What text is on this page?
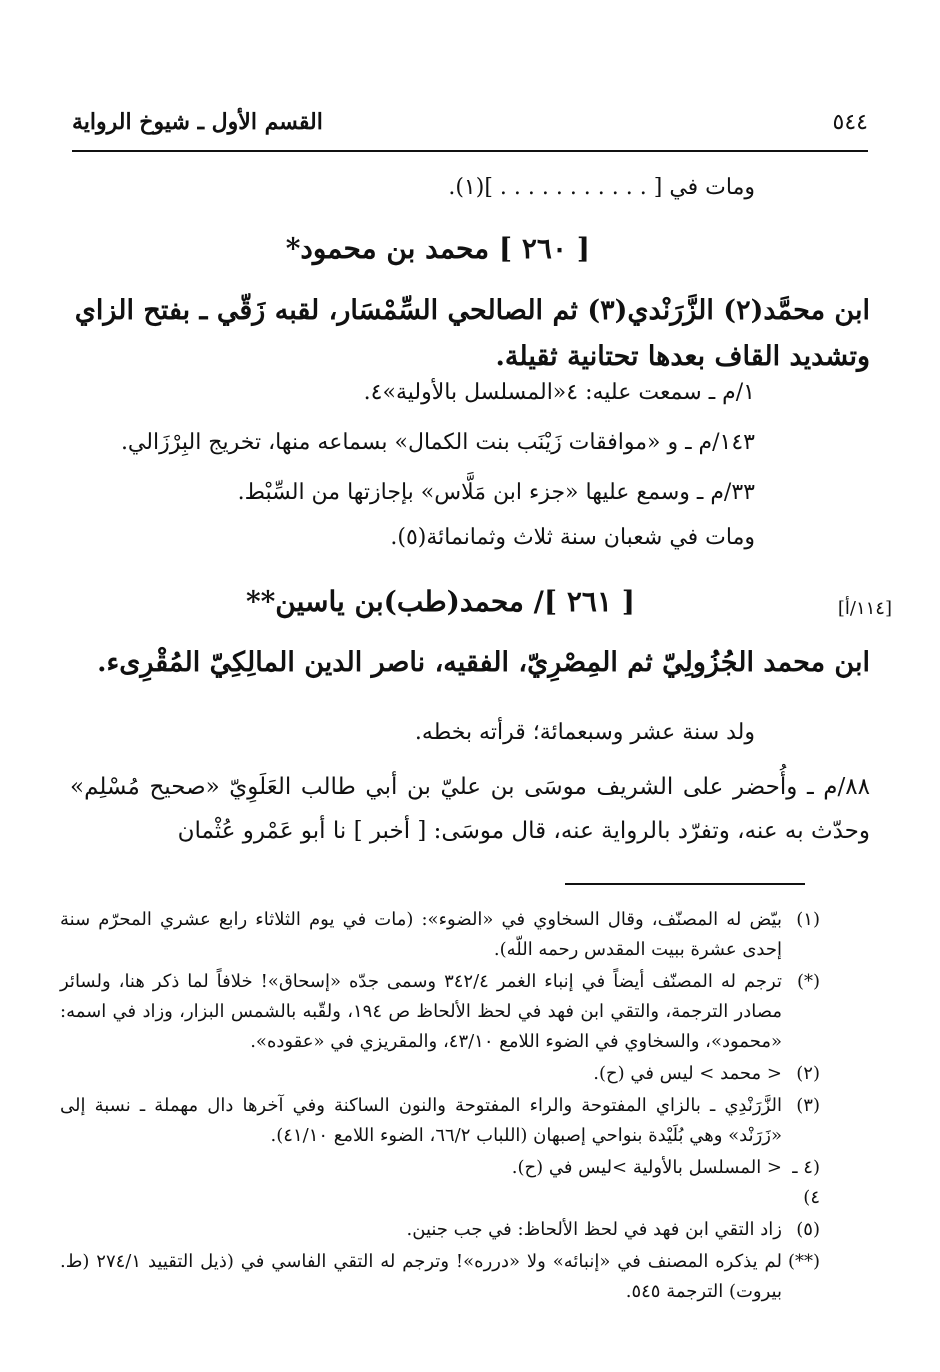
٥٤٤
القسم الأول ـ شيوخ الرواية
ومات في [ . . . . . . . . . . . ](١).
[ ٢٦٠ ] محمد بن محمود*
ابن محمَّد(٢) الزَّرَنْدي(٣) ثم الصالحي السِّمْسَار، لقبه زَقّي ـ بفتح الزاي وتشديد القاف بعدها تحتانية ثقيلة.
١/م ـ سمعت عليه: ٤«المسلسل بالأولية»٤.
١٤٣/م ـ و «موافقات زَيْنَب بنت الكمال» بسماعه منها، تخريج البِرْزَالي.
٣٣/م ـ وسمع عليها «جزء ابن مَلَّاس» بإجازتها من السِّبْط.
ومات في شعبان سنة ثلاث وثمانمائة(٥).
[١١٤/أ]
[ ٢٦١ ]/ محمد(طب)بن ياسين**
ابن محمد الجُزُولِيّ ثم المِصْرِيّ، الفقيه، ناصر الدين المالِكِيّ المُقْرِىء.
ولد سنة عشر وسبعمائة؛ قرأته بخطه.
٨٨/م ـ وأُحضر على الشريف موسَى بن عليّ بن أبي طالب العَلَوِيّ «صحيح مُسْلِم» وحدّث به عنه، وتفرّد بالرواية عنه، قال موسَى: [ أخبر ] نا أبو عَمْرو عُثْمان
(١)
بيّض له المصنّف، وقال السخاوي في «الضوء»: (مات في يوم الثلاثاء رابع عشري المحرّم سنة إحدى عشرة ببيت المقدس رحمه اللّه).
(*)
ترجم له المصنّف أيضاً في إنباء الغمر ٣٤٢/٤ وسمى جدّه «إسحاق»! خلافاً لما ذكر هنا، ولسائر مصادر الترجمة، والتقي ابن فهد في لحظ الألحاظ ص ١٩٤، ولقّبه بالشمس البزار، وزاد في اسمه: «محمود»، والسخاوي في الضوء اللامع ٤٣/١٠، والمقريزي في «عقوده».
(٢)
< محمد > ليس في (ح).
(٣)
الزَّرَنْدِي ـ بالزاي المفتوحة والراء المفتوحة والنون الساكنة وفي آخرها دال مهملة ـ نسبة إلى «زَرَنْد» وهي بُلَيْدة بنواحي إصبهان (اللباب ٦٦/٢، الضوء اللامع ٤١/١٠).
(٤ ـ ٤)
< المسلسل بالأولية >ليس في (ح).
(٥)
زاد التقي ابن فهد في لحظ الألحاظ: في جب جنين.
(**)
لم يذكره المصنف في «إنبائه» ولا «درره»! وترجم له التقي الفاسي في (ذيل التقييد ٢٧٤/١ (ط. بيروت) الترجمة ٥٤٥.
